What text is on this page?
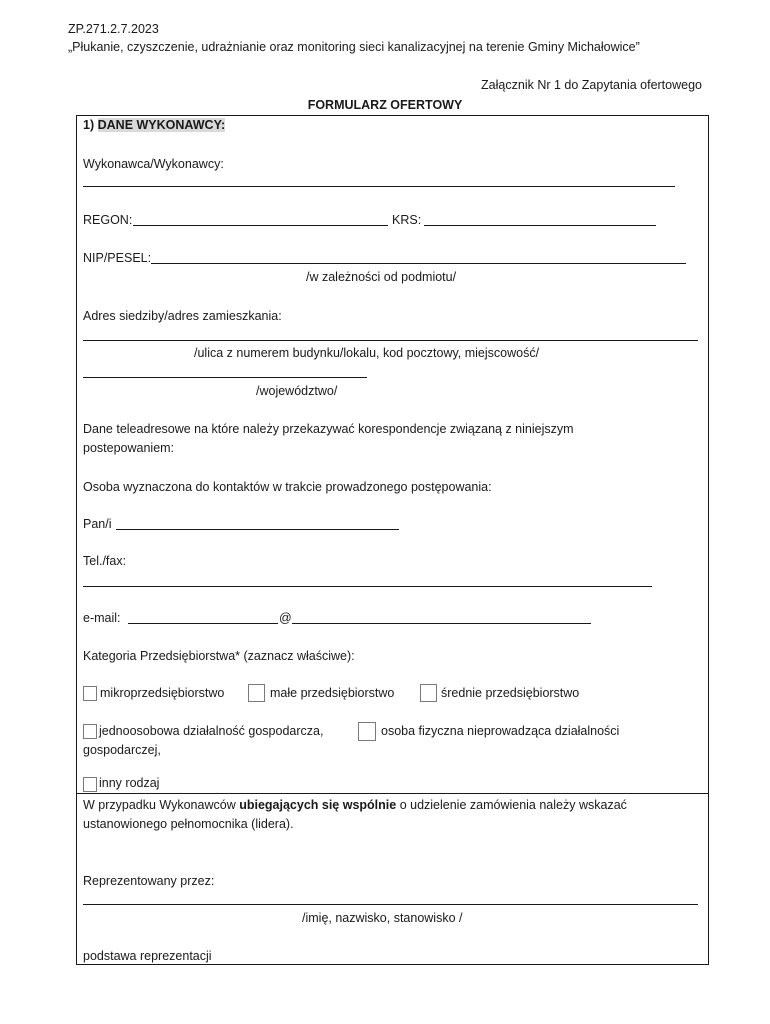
ZP.271.2.7.2023
„Płukanie, czyszczenie, udrażnianie oraz monitoring sieci kanalizacyjnej na terenie Gminy Michałowice”
Załącznik Nr 1 do Zapytania ofertowego
FORMULARZ OFERTOWY
1) DANE WYKONAWCY:
Wykonawca/Wykonawcy:
REGON:	KRS:
NIP/PESEL:
/w zależności od podmiotu/
Adres siedziby/adres zamieszkania:
/ulica z numerem budynku/lokalu, kod pocztowy, miejscowość/
/województwo/
Dane teleadresowe na które należy przekazywać korespondencje związaną z niniejszym
postepowaniem:
Osoba wyznaczona do kontaktów w trakcie prowadzonego postępowania:
Pan/i
Tel./fax:
e-mail:	@
Kategoria Przedsiębiorstwa* (zaznacz właściwe):
mikroprzedsiębiorstwo	małe przedsiębiorstwo	średnie przedsiębiorstwo
jednoosobowa działalność gospodarcza,	osoba fizyczna nieprowadząca działalności
gospodarczej,
inny rodzaj
W przypadku Wykonawców ubiegających się wspólnie o udzielenie zamówienia należy wskazać
ustanowionego pełnomocnika (lidera).
Reprezentowany przez:
/imię, nazwisko, stanowisko /
podstawa reprezentacji
